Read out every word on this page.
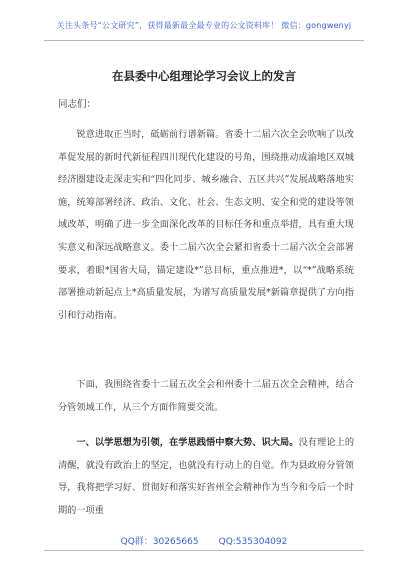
关注头条号“公文研究”，获得最新最全最专业的公文资料库！ 微信：gongwenyj
在县委中心组理论学习会议上的发言
同志们：

锐意进取正当时，砥砺前行谱新篇。省委十二届六次全会吹响了以改革促发展的新时代新征程四川现代化建设的号角，围绕推动成渝地区双城经济圈建设走深走实和“四化同步、城乡融合、五区共兴”发展战略落地实施，统筹部署经济、政治、文化、社会、生态文明、安全和党的建设等领域改革，明确了进一步全面深化改革的目标任务和重点举措，具有重大现实意义和深远战略意义。委十二届六次全会紧扣省委十二届六次全会部署要求，着眼*国省大局，锚定建设*”总目标，重点推进*，以“*”战略系统部署推动新起点上*高质量发展，为谱写高质量发展*新篇章提供了方向指引和行动指南。

下面，我围绕省委十二届五次全会和州委十二届五次全会精神，结合分管领域工作，从三个方面作简要交流。

一、以学思想为引领，在学思践悟中察大势、识大局。没有理论上的清醒，就没有政治上的坚定，也就没有行动上的自觉。作为县政府分管领导，我将把学习好、贯彻好和落实好省州全会精神作为当今和今后一个时期的一项重

QQ群：30265665 QQ:535304092
